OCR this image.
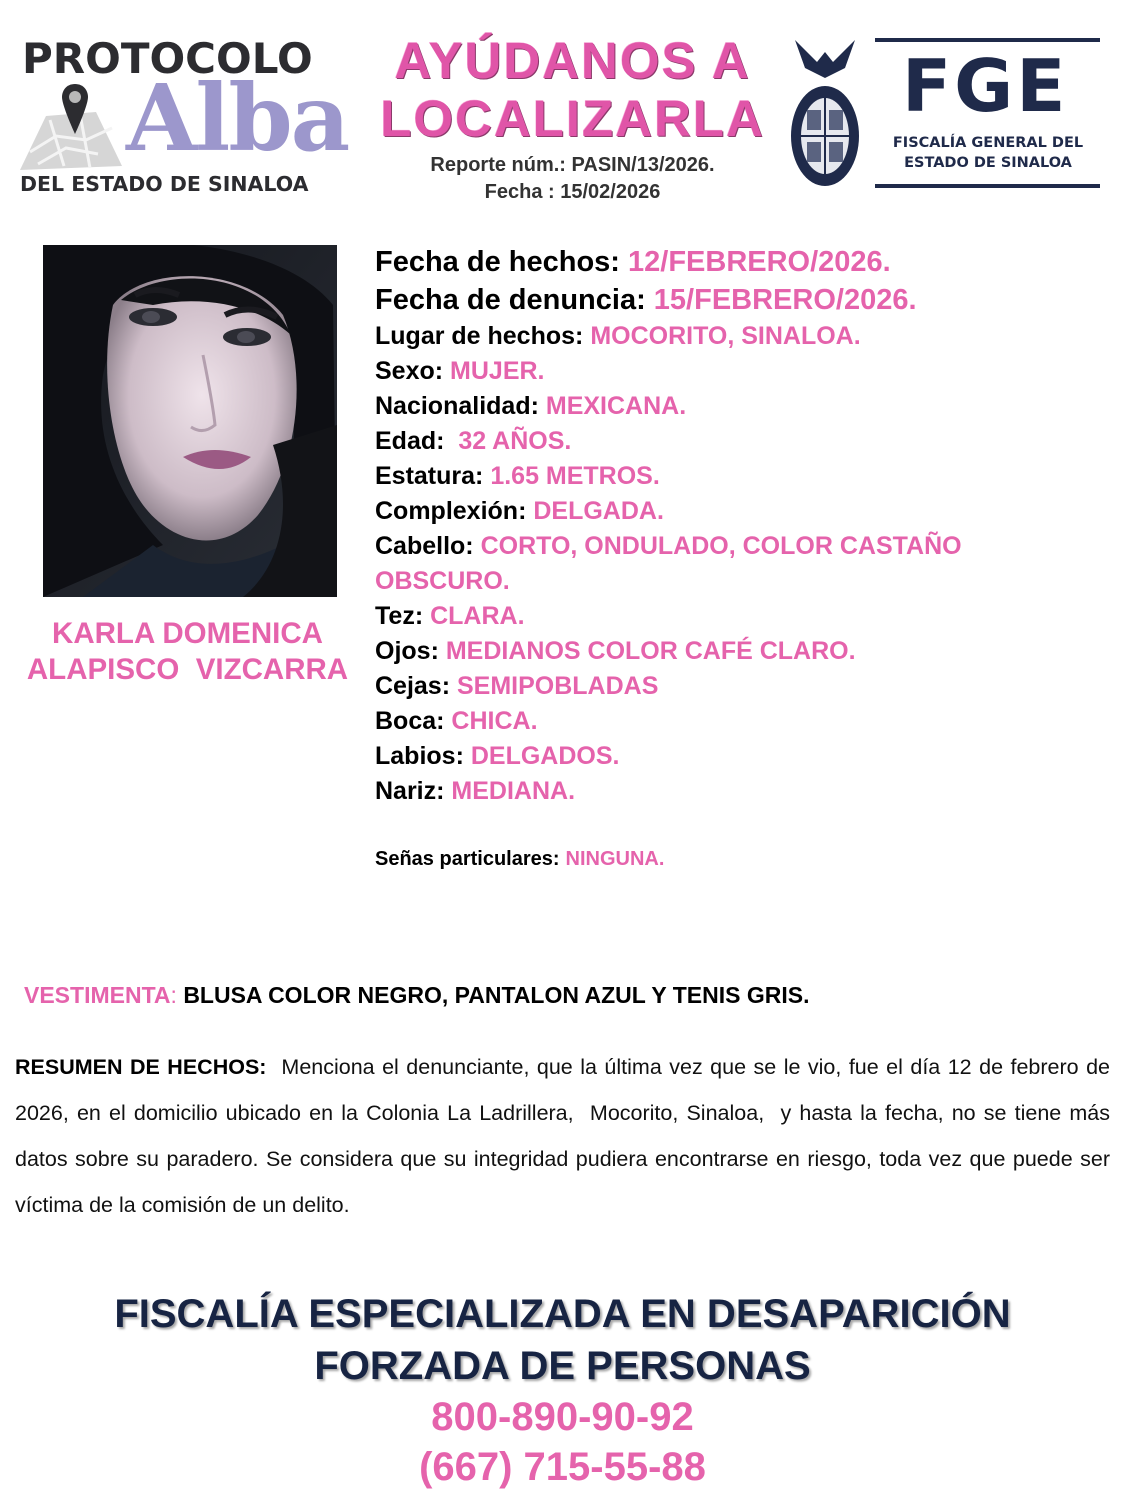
PROTOCOLO
Alba
DEL ESTADO DE SINALOA
AYÚDANOS A
LOCALIZARLA
Reporte núm.: PASIN/13/2026.
Fecha : 15/02/2026
FGE
FISCALÍA GENERAL DEL
ESTADO DE SINALOA
KARLA DOMENICA
ALAPISCO  VIZCARRA
Fecha de hechos: 12/FEBRERO/2026.
Fecha de denuncia: 15/FEBRERO/2026.
Lugar de hechos: MOCORITO, SINALOA.
Sexo: MUJER.
Nacionalidad: MEXICANA.
Edad:  32 AÑOS.
Estatura: 1.65 METROS.
Complexión: DELGADA.
Cabello: CORTO, ONDULADO, COLOR CASTAÑO OBSCURO.
Tez: CLARA.
Ojos: MEDIANOS COLOR CAFÉ CLARO.
Cejas: SEMIPOBLADAS
Boca: CHICA.
Labios: DELGADOS.
Nariz: MEDIANA.
Señas particulares: NINGUNA.
VESTIMENTA: BLUSA COLOR NEGRO, PANTALON AZUL Y TENIS GRIS.
RESUMEN DE HECHOS:  Menciona el denunciante, que la última vez que se le vio, fue el día 12 de febrero de 2026, en el domicilio ubicado en la Colonia La Ladrillera,  Mocorito, Sinaloa,  y hasta la fecha, no se tiene más datos sobre su paradero. Se considera que su integridad pudiera encontrarse en riesgo, toda vez que puede ser víctima de la comisión de un delito.
FISCALÍA ESPECIALIZADA EN DESAPARICIÓN
FORZADA DE PERSONAS
800-890-90-92
(667) 715-55-88
